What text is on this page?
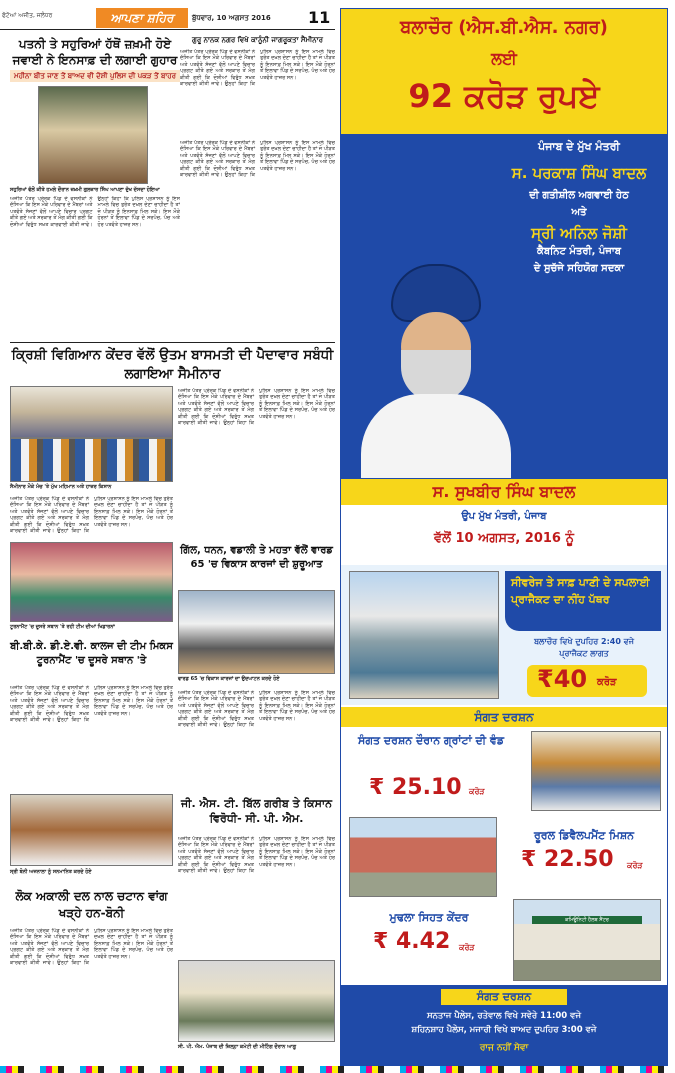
ਫੋਟੋਆਂ ਅਜੀਤ, ਜਲੰਧਰ	ਆਪਣਾ ਸ਼ਹਿਰ	ਬੁੱਧਵਾਰ, 10 ਅਗਸਤ 2016 11
ਪਤਨੀ ਤੇ ਸਹੁਰਿਆਂ ਹੱਥੋਂ ਜ਼ਖ਼ਮੀ ਹੋਏ ਜਵਾਈ ਨੇ ਇਨਸਾਫ਼ ਦੀ ਲਗਾਈ ਗੁਹਾਰ
ਮਹੀਨਾ ਬੀਤ ਜਾਣ ਤੋਂ ਬਾਅਦ ਵੀ ਦੋਸ਼ੀ ਪੁਲਿਸ ਦੀ ਪਕੜ ਤੋਂ ਬਾਹਰ
ਸਹੁਰਿਆਂ ਵੱਲੋਂ ਕੀਤੇ ਹਮਲੇ ਦੌਰਾਨ ਜ਼ਖ਼ਮੀ ਗੁਲਜ਼ਾਰ ਸਿੰਘ ਆਪਣਾ ਦੁੱਖ ਦੱਸਦਾ ਹੋਇਆ
ਅਜੀਤ ਪੱਤਰ ਪ੍ਰੇਰਕ ਪਿੰਡ ਦੇ ਵਸਨੀਕਾਂ ਨੇ ਦੱਸਿਆ ਕਿ ਇਸ ਮੌਕੇ ਪਰਿਵਾਰ ਦੇ ਮੈਂਬਰਾਂ ਅਤੇ ਪਤਵੰਤੇ ਸੱਜਣਾਂ ਵੱਲੋਂ ਆਪਣੇ ਵਿਚਾਰ ਪ੍ਰਗਟ ਕੀਤੇ ਗਏ ਅਤੇ ਸਰਕਾਰ ਤੋਂ ਮੰਗ ਕੀਤੀ ਗਈ ਕਿ ਦੋਸ਼ੀਆਂ ਵਿਰੁੱਧ ਸਖ਼ਤ ਕਾਰਵਾਈ ਕੀਤੀ ਜਾਵੇ। ਉਨ੍ਹਾਂ ਕਿਹਾ ਕਿ ਪੁਲਿਸ ਪ੍ਰਸ਼ਾਸਨ ਨੂੰ ਇਸ ਮਾਮਲੇ ਵਿਚ ਤੁਰੰਤ ਦਖ਼ਲ ਦੇਣਾ ਚਾਹੀਦਾ ਹੈ ਤਾਂ ਜੋ ਪੀੜਤ ਨੂੰ ਇਨਸਾਫ਼ ਮਿਲ ਸਕੇ। ਇਸ ਮੌਕੇ ਹੋਰਨਾਂ ਤੋਂ ਇਲਾਵਾ ਪਿੰਡ ਦੇ ਸਰਪੰਚ, ਪੰਚ ਅਤੇ ਹੋਰ ਪਤਵੰਤੇ ਹਾਜ਼ਰ ਸਨ।
ਕ੍ਰਿਸ਼ੀ ਵਿਗਿਆਨ ਕੇਂਦਰ ਵੱਲੋਂ ਉਤਮ ਬਾਸਮਤੀ ਦੀ ਪੈਦਾਵਾਰ ਸਬੰਧੀ ਲਗਾਇਆ ਸੈਮੀਨਾਰ
ਸੈਮੀਨਾਰ ਮੌਕੇ ਮੰਚ 'ਤੇ ਮੁੱਖ ਮਹਿਮਾਨ ਅਤੇ ਹਾਜ਼ਰ ਕਿਸਾਨ
ਅਜੀਤ ਪੱਤਰ ਪ੍ਰੇਰਕ ਪਿੰਡ ਦੇ ਵਸਨੀਕਾਂ ਨੇ ਦੱਸਿਆ ਕਿ ਇਸ ਮੌਕੇ ਪਰਿਵਾਰ ਦੇ ਮੈਂਬਰਾਂ ਅਤੇ ਪਤਵੰਤੇ ਸੱਜਣਾਂ ਵੱਲੋਂ ਆਪਣੇ ਵਿਚਾਰ ਪ੍ਰਗਟ ਕੀਤੇ ਗਏ ਅਤੇ ਸਰਕਾਰ ਤੋਂ ਮੰਗ ਕੀਤੀ ਗਈ ਕਿ ਦੋਸ਼ੀਆਂ ਵਿਰੁੱਧ ਸਖ਼ਤ ਕਾਰਵਾਈ ਕੀਤੀ ਜਾਵੇ। ਉਨ੍ਹਾਂ ਕਿਹਾ ਕਿ ਪੁਲਿਸ ਪ੍ਰਸ਼ਾਸਨ ਨੂੰ ਇਸ ਮਾਮਲੇ ਵਿਚ ਤੁਰੰਤ ਦਖ਼ਲ ਦੇਣਾ ਚਾਹੀਦਾ ਹੈ ਤਾਂ ਜੋ ਪੀੜਤ ਨੂੰ ਇਨਸਾਫ਼ ਮਿਲ ਸਕੇ। ਇਸ ਮੌਕੇ ਹੋਰਨਾਂ ਤੋਂ ਇਲਾਵਾ ਪਿੰਡ ਦੇ ਸਰਪੰਚ, ਪੰਚ ਅਤੇ ਹੋਰ ਪਤਵੰਤੇ ਹਾਜ਼ਰ ਸਨ।
ਟੂਰਨਾਮੈਂਟ 'ਚ ਦੂਸਰੇ ਸਥਾਨ 'ਤੇ ਰਹੀ ਟੀਮ ਦੀਆਂ ਖਿਡਾਰਨਾਂ
ਬੀ.ਬੀ.ਕੇ. ਡੀ.ਏ.ਵੀ. ਕਾਲਜ ਦੀ ਟੀਮ ਮਿਕਸ ਟੂਰਨਾਮੈਂਟ 'ਚ ਦੂਸਰੇ ਸਥਾਨ 'ਤੇ
ਅਜੀਤ ਪੱਤਰ ਪ੍ਰੇਰਕ ਪਿੰਡ ਦੇ ਵਸਨੀਕਾਂ ਨੇ ਦੱਸਿਆ ਕਿ ਇਸ ਮੌਕੇ ਪਰਿਵਾਰ ਦੇ ਮੈਂਬਰਾਂ ਅਤੇ ਪਤਵੰਤੇ ਸੱਜਣਾਂ ਵੱਲੋਂ ਆਪਣੇ ਵਿਚਾਰ ਪ੍ਰਗਟ ਕੀਤੇ ਗਏ ਅਤੇ ਸਰਕਾਰ ਤੋਂ ਮੰਗ ਕੀਤੀ ਗਈ ਕਿ ਦੋਸ਼ੀਆਂ ਵਿਰੁੱਧ ਸਖ਼ਤ ਕਾਰਵਾਈ ਕੀਤੀ ਜਾਵੇ। ਉਨ੍ਹਾਂ ਕਿਹਾ ਕਿ ਪੁਲਿਸ ਪ੍ਰਸ਼ਾਸਨ ਨੂੰ ਇਸ ਮਾਮਲੇ ਵਿਚ ਤੁਰੰਤ ਦਖ਼ਲ ਦੇਣਾ ਚਾਹੀਦਾ ਹੈ ਤਾਂ ਜੋ ਪੀੜਤ ਨੂੰ ਇਨਸਾਫ਼ ਮਿਲ ਸਕੇ। ਇਸ ਮੌਕੇ ਹੋਰਨਾਂ ਤੋਂ ਇਲਾਵਾ ਪਿੰਡ ਦੇ ਸਰਪੰਚ, ਪੰਚ ਅਤੇ ਹੋਰ ਪਤਵੰਤੇ ਹਾਜ਼ਰ ਸਨ।
ਸ੍ਰੀ ਬੋਨੀ ਅਜਨਾਲਾ ਨੂੰ ਸਨਮਾਨਿਤ ਕਰਦੇ ਹੋਏ
ਲੋਕ ਅਕਾਲੀ ਦਲ ਨਾਲ ਚਟਾਨ ਵਾਂਗ ਖੜ੍ਹੇ ਹਨ-ਬੋਨੀ
ਅਜੀਤ ਪੱਤਰ ਪ੍ਰੇਰਕ ਪਿੰਡ ਦੇ ਵਸਨੀਕਾਂ ਨੇ ਦੱਸਿਆ ਕਿ ਇਸ ਮੌਕੇ ਪਰਿਵਾਰ ਦੇ ਮੈਂਬਰਾਂ ਅਤੇ ਪਤਵੰਤੇ ਸੱਜਣਾਂ ਵੱਲੋਂ ਆਪਣੇ ਵਿਚਾਰ ਪ੍ਰਗਟ ਕੀਤੇ ਗਏ ਅਤੇ ਸਰਕਾਰ ਤੋਂ ਮੰਗ ਕੀਤੀ ਗਈ ਕਿ ਦੋਸ਼ੀਆਂ ਵਿਰੁੱਧ ਸਖ਼ਤ ਕਾਰਵਾਈ ਕੀਤੀ ਜਾਵੇ। ਉਨ੍ਹਾਂ ਕਿਹਾ ਕਿ ਪੁਲਿਸ ਪ੍ਰਸ਼ਾਸਨ ਨੂੰ ਇਸ ਮਾਮਲੇ ਵਿਚ ਤੁਰੰਤ ਦਖ਼ਲ ਦੇਣਾ ਚਾਹੀਦਾ ਹੈ ਤਾਂ ਜੋ ਪੀੜਤ ਨੂੰ ਇਨਸਾਫ਼ ਮਿਲ ਸਕੇ। ਇਸ ਮੌਕੇ ਹੋਰਨਾਂ ਤੋਂ ਇਲਾਵਾ ਪਿੰਡ ਦੇ ਸਰਪੰਚ, ਪੰਚ ਅਤੇ ਹੋਰ ਪਤਵੰਤੇ ਹਾਜ਼ਰ ਸਨ।
ਗੁਰੂ ਨਾਨਕ ਨਗਰ ਵਿਖੇ ਕਾਨੂੰਨੀ ਜਾਗਰੂਕਤਾ ਸੈਮੀਨਾਰ
ਅਜੀਤ ਪੱਤਰ ਪ੍ਰੇਰਕ ਪਿੰਡ ਦੇ ਵਸਨੀਕਾਂ ਨੇ ਦੱਸਿਆ ਕਿ ਇਸ ਮੌਕੇ ਪਰਿਵਾਰ ਦੇ ਮੈਂਬਰਾਂ ਅਤੇ ਪਤਵੰਤੇ ਸੱਜਣਾਂ ਵੱਲੋਂ ਆਪਣੇ ਵਿਚਾਰ ਪ੍ਰਗਟ ਕੀਤੇ ਗਏ ਅਤੇ ਸਰਕਾਰ ਤੋਂ ਮੰਗ ਕੀਤੀ ਗਈ ਕਿ ਦੋਸ਼ੀਆਂ ਵਿਰੁੱਧ ਸਖ਼ਤ ਕਾਰਵਾਈ ਕੀਤੀ ਜਾਵੇ। ਉਨ੍ਹਾਂ ਕਿਹਾ ਕਿ ਪੁਲਿਸ ਪ੍ਰਸ਼ਾਸਨ ਨੂੰ ਇਸ ਮਾਮਲੇ ਵਿਚ ਤੁਰੰਤ ਦਖ਼ਲ ਦੇਣਾ ਚਾਹੀਦਾ ਹੈ ਤਾਂ ਜੋ ਪੀੜਤ ਨੂੰ ਇਨਸਾਫ਼ ਮਿਲ ਸਕੇ। ਇਸ ਮੌਕੇ ਹੋਰਨਾਂ ਤੋਂ ਇਲਾਵਾ ਪਿੰਡ ਦੇ ਸਰਪੰਚ, ਪੰਚ ਅਤੇ ਹੋਰ ਪਤਵੰਤੇ ਹਾਜ਼ਰ ਸਨ।
ਅਜੀਤ ਪੱਤਰ ਪ੍ਰੇਰਕ ਪਿੰਡ ਦੇ ਵਸਨੀਕਾਂ ਨੇ ਦੱਸਿਆ ਕਿ ਇਸ ਮੌਕੇ ਪਰਿਵਾਰ ਦੇ ਮੈਂਬਰਾਂ ਅਤੇ ਪਤਵੰਤੇ ਸੱਜਣਾਂ ਵੱਲੋਂ ਆਪਣੇ ਵਿਚਾਰ ਪ੍ਰਗਟ ਕੀਤੇ ਗਏ ਅਤੇ ਸਰਕਾਰ ਤੋਂ ਮੰਗ ਕੀਤੀ ਗਈ ਕਿ ਦੋਸ਼ੀਆਂ ਵਿਰੁੱਧ ਸਖ਼ਤ ਕਾਰਵਾਈ ਕੀਤੀ ਜਾਵੇ। ਉਨ੍ਹਾਂ ਕਿਹਾ ਕਿ ਪੁਲਿਸ ਪ੍ਰਸ਼ਾਸਨ ਨੂੰ ਇਸ ਮਾਮਲੇ ਵਿਚ ਤੁਰੰਤ ਦਖ਼ਲ ਦੇਣਾ ਚਾਹੀਦਾ ਹੈ ਤਾਂ ਜੋ ਪੀੜਤ ਨੂੰ ਇਨਸਾਫ਼ ਮਿਲ ਸਕੇ। ਇਸ ਮੌਕੇ ਹੋਰਨਾਂ ਤੋਂ ਇਲਾਵਾ ਪਿੰਡ ਦੇ ਸਰਪੰਚ, ਪੰਚ ਅਤੇ ਹੋਰ ਪਤਵੰਤੇ ਹਾਜ਼ਰ ਸਨ।
ਅਜੀਤ ਪੱਤਰ ਪ੍ਰੇਰਕ ਪਿੰਡ ਦੇ ਵਸਨੀਕਾਂ ਨੇ ਦੱਸਿਆ ਕਿ ਇਸ ਮੌਕੇ ਪਰਿਵਾਰ ਦੇ ਮੈਂਬਰਾਂ ਅਤੇ ਪਤਵੰਤੇ ਸੱਜਣਾਂ ਵੱਲੋਂ ਆਪਣੇ ਵਿਚਾਰ ਪ੍ਰਗਟ ਕੀਤੇ ਗਏ ਅਤੇ ਸਰਕਾਰ ਤੋਂ ਮੰਗ ਕੀਤੀ ਗਈ ਕਿ ਦੋਸ਼ੀਆਂ ਵਿਰੁੱਧ ਸਖ਼ਤ ਕਾਰਵਾਈ ਕੀਤੀ ਜਾਵੇ। ਉਨ੍ਹਾਂ ਕਿਹਾ ਕਿ ਪੁਲਿਸ ਪ੍ਰਸ਼ਾਸਨ ਨੂੰ ਇਸ ਮਾਮਲੇ ਵਿਚ ਤੁਰੰਤ ਦਖ਼ਲ ਦੇਣਾ ਚਾਹੀਦਾ ਹੈ ਤਾਂ ਜੋ ਪੀੜਤ ਨੂੰ ਇਨਸਾਫ਼ ਮਿਲ ਸਕੇ। ਇਸ ਮੌਕੇ ਹੋਰਨਾਂ ਤੋਂ ਇਲਾਵਾ ਪਿੰਡ ਦੇ ਸਰਪੰਚ, ਪੰਚ ਅਤੇ ਹੋਰ ਪਤਵੰਤੇ ਹਾਜ਼ਰ ਸਨ।
ਗਿੱਲ, ਧਨਨ, ਵਡਾਲੀ ਤੇ ਮਹਤਾ ਵੱਲੋਂ ਵਾਰਡ 65 'ਚ ਵਿਕਾਸ ਕਾਰਜਾਂ ਦੀ ਸ਼ੁਰੂਆਤ
ਵਾਰਡ 65 'ਚ ਵਿਕਾਸ ਕਾਰਜਾਂ ਦਾ ਉਦਘਾਟਨ ਕਰਦੇ ਹੋਏ
ਅਜੀਤ ਪੱਤਰ ਪ੍ਰੇਰਕ ਪਿੰਡ ਦੇ ਵਸਨੀਕਾਂ ਨੇ ਦੱਸਿਆ ਕਿ ਇਸ ਮੌਕੇ ਪਰਿਵਾਰ ਦੇ ਮੈਂਬਰਾਂ ਅਤੇ ਪਤਵੰਤੇ ਸੱਜਣਾਂ ਵੱਲੋਂ ਆਪਣੇ ਵਿਚਾਰ ਪ੍ਰਗਟ ਕੀਤੇ ਗਏ ਅਤੇ ਸਰਕਾਰ ਤੋਂ ਮੰਗ ਕੀਤੀ ਗਈ ਕਿ ਦੋਸ਼ੀਆਂ ਵਿਰੁੱਧ ਸਖ਼ਤ ਕਾਰਵਾਈ ਕੀਤੀ ਜਾਵੇ। ਉਨ੍ਹਾਂ ਕਿਹਾ ਕਿ ਪੁਲਿਸ ਪ੍ਰਸ਼ਾਸਨ ਨੂੰ ਇਸ ਮਾਮਲੇ ਵਿਚ ਤੁਰੰਤ ਦਖ਼ਲ ਦੇਣਾ ਚਾਹੀਦਾ ਹੈ ਤਾਂ ਜੋ ਪੀੜਤ ਨੂੰ ਇਨਸਾਫ਼ ਮਿਲ ਸਕੇ। ਇਸ ਮੌਕੇ ਹੋਰਨਾਂ ਤੋਂ ਇਲਾਵਾ ਪਿੰਡ ਦੇ ਸਰਪੰਚ, ਪੰਚ ਅਤੇ ਹੋਰ ਪਤਵੰਤੇ ਹਾਜ਼ਰ ਸਨ।
ਜੀ. ਐਸ. ਟੀ. ਬਿੱਲ ਗਰੀਬ ਤੇ ਕਿਸਾਨ ਵਿਰੋਧੀ- ਸੀ. ਪੀ. ਐਮ.
ਅਜੀਤ ਪੱਤਰ ਪ੍ਰੇਰਕ ਪਿੰਡ ਦੇ ਵਸਨੀਕਾਂ ਨੇ ਦੱਸਿਆ ਕਿ ਇਸ ਮੌਕੇ ਪਰਿਵਾਰ ਦੇ ਮੈਂਬਰਾਂ ਅਤੇ ਪਤਵੰਤੇ ਸੱਜਣਾਂ ਵੱਲੋਂ ਆਪਣੇ ਵਿਚਾਰ ਪ੍ਰਗਟ ਕੀਤੇ ਗਏ ਅਤੇ ਸਰਕਾਰ ਤੋਂ ਮੰਗ ਕੀਤੀ ਗਈ ਕਿ ਦੋਸ਼ੀਆਂ ਵਿਰੁੱਧ ਸਖ਼ਤ ਕਾਰਵਾਈ ਕੀਤੀ ਜਾਵੇ। ਉਨ੍ਹਾਂ ਕਿਹਾ ਕਿ ਪੁਲਿਸ ਪ੍ਰਸ਼ਾਸਨ ਨੂੰ ਇਸ ਮਾਮਲੇ ਵਿਚ ਤੁਰੰਤ ਦਖ਼ਲ ਦੇਣਾ ਚਾਹੀਦਾ ਹੈ ਤਾਂ ਜੋ ਪੀੜਤ ਨੂੰ ਇਨਸਾਫ਼ ਮਿਲ ਸਕੇ। ਇਸ ਮੌਕੇ ਹੋਰਨਾਂ ਤੋਂ ਇਲਾਵਾ ਪਿੰਡ ਦੇ ਸਰਪੰਚ, ਪੰਚ ਅਤੇ ਹੋਰ ਪਤਵੰਤੇ ਹਾਜ਼ਰ ਸਨ।
ਸੀ. ਪੀ. ਐਮ. ਪੰਜਾਬ ਦੀ ਜ਼ਿਲ੍ਹਾ ਕਮੇਟੀ ਦੀ ਮੀਟਿੰਗ ਦੌਰਾਨ ਆਗੂ
ਬਲਾਚੌਰ (ਐਸ.ਬੀ.ਐਸ. ਨਗਰ)
ਲਈ
92 ਕਰੋੜ ਰੁਪਏ
ਪੰਜਾਬ ਦੇ ਮੁੱਖ ਮੰਤਰੀ
ਸ. ਪਰਕਾਸ਼ ਸਿੰਘ ਬਾਦਲ
ਦੀ ਗਤੀਸ਼ੀਲ ਅਗਵਾਈ ਹੇਠ
ਅਤੇ
ਸ੍ਰੀ ਅਨਿਲ ਜੋਸ਼ੀ
ਕੈਬਨਿਟ ਮੰਤਰੀ, ਪੰਜਾਬ
ਦੇ ਸੁਚੱਜੇ ਸਹਿਯੋਗ ਸਦਕਾ
ਸ. ਸੁਖਬੀਰ ਸਿੰਘ ਬਾਦਲ
ਉਪ ਮੁੱਖ ਮੰਤਰੀ, ਪੰਜਾਬ
ਵੱਲੋਂ 10 ਅਗਸਤ, 2016 ਨੂੰ
ਸੀਵਰੇਜ ਤੇ ਸਾਫ਼ ਪਾਣੀ ਦੇ ਸਪਲਾਈ ਪ੍ਰਾਜੈਕਟ ਦਾ ਨੀਂਹ ਪੱਥਰ
ਬਲਾਚੌਰ ਵਿਖੇ ਦੁਪਹਿਰ 2:40 ਵਜੇ
ਪ੍ਰਾਜੈਕਟ ਲਾਗਤ
₹40 ਕਰੋੜ
ਸੰਗਤ ਦਰਸ਼ਨ
ਸੰਗਤ ਦਰਸ਼ਨ ਦੌਰਾਨ ਗ੍ਰਾਂਟਾਂ ਦੀ ਵੰਡ
₹ 25.10 ਕਰੋੜ
ਰੂਰਲ ਡਿਵੈਲਪਮੈਂਟ ਮਿਸ਼ਨ
₹ 22.50 ਕਰੋੜ
ਮੁਢਲਾ ਸਿਹਤ ਕੇਂਦਰ
₹ 4.42 ਕਰੋੜ
ਕਮਿਊਨਿਟੀ ਹੈਲਥ ਸੈਂਟਰ
ਸੰਗਤ ਦਰਸ਼ਨ
ਸਨਤਾਜ ਪੈਲੇਸ, ਰਤੇਵਾਲ ਵਿਖੇ ਸਵੇਰੇ 11:00 ਵਜੇ
ਸ਼ਹਿਨਸ਼ਾਹ ਪੈਲੇਸ, ਮਜਾਰੀ ਵਿਖੇ ਬਾਅਦ ਦੁਪਹਿਰ 3:00 ਵਜੇ
ਰਾਜ ਨਹੀਂ ਸੇਵਾ
